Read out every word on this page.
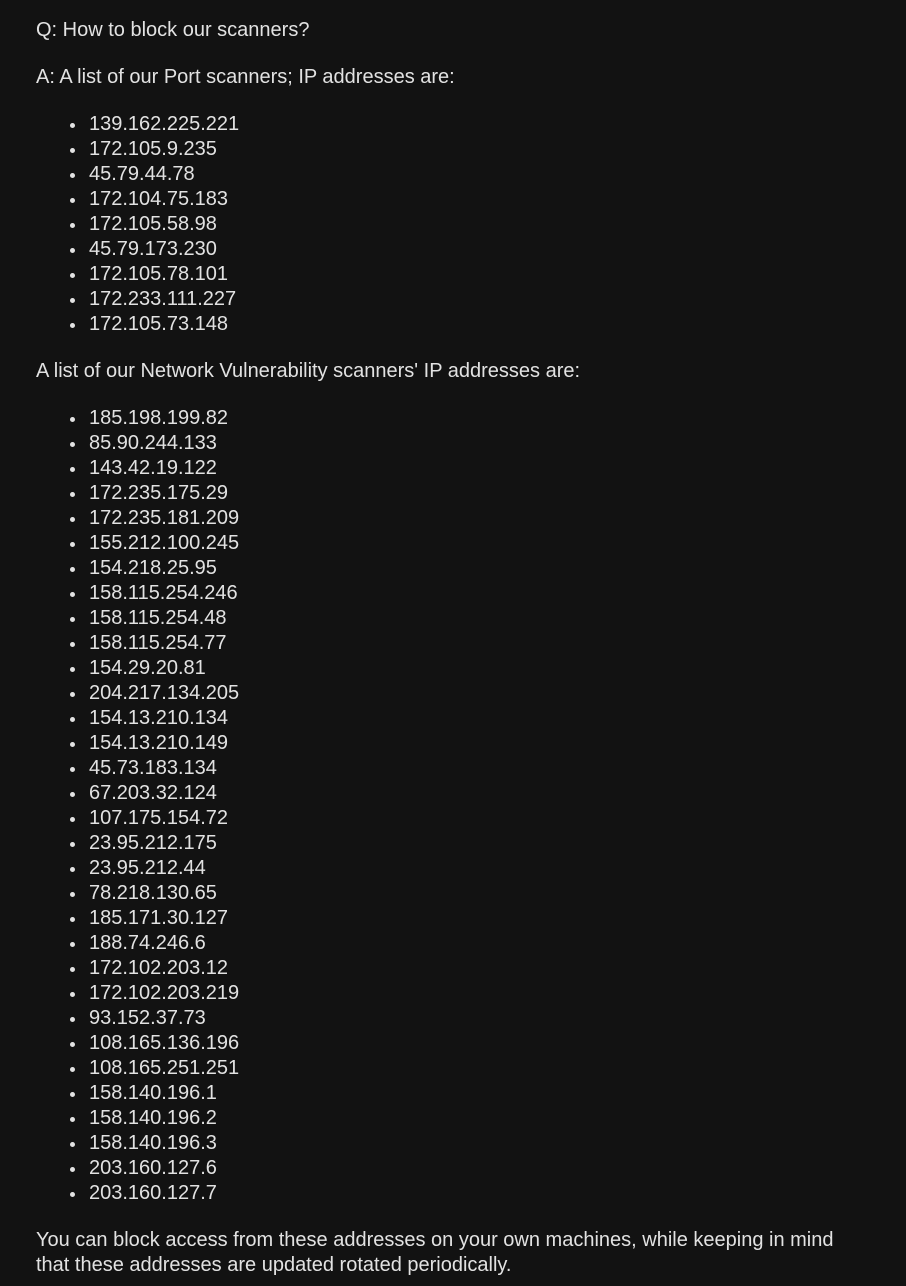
Q: How to block our scanners?

A: A list of our Port scanners; IP addresses are:

139.162.225.221
172.105.9.235
45.79.44.78
172.104.75.183
172.105.58.98
45.79.173.230
172.105.78.101
172.233.111.227
172.105.73.148

A list of our Network Vulnerability scanners' IP addresses are:

185.198.199.82
85.90.244.133
143.42.19.122
172.235.175.29
172.235.181.209
155.212.100.245
154.218.25.95
158.115.254.246
158.115.254.48
158.115.254.77
154.29.20.81
204.217.134.205
154.13.210.134
154.13.210.149
45.73.183.134
67.203.32.124
107.175.154.72
23.95.212.175
23.95.212.44
78.218.130.65
185.171.30.127
188.74.246.6
172.102.203.12
172.102.203.219
93.152.37.73
108.165.136.196
108.165.251.251
158.140.196.1
158.140.196.2
158.140.196.3
203.160.127.6
203.160.127.7

You can block access from these addresses on your own machines, while keeping in mind that these addresses are updated rotated periodically.
